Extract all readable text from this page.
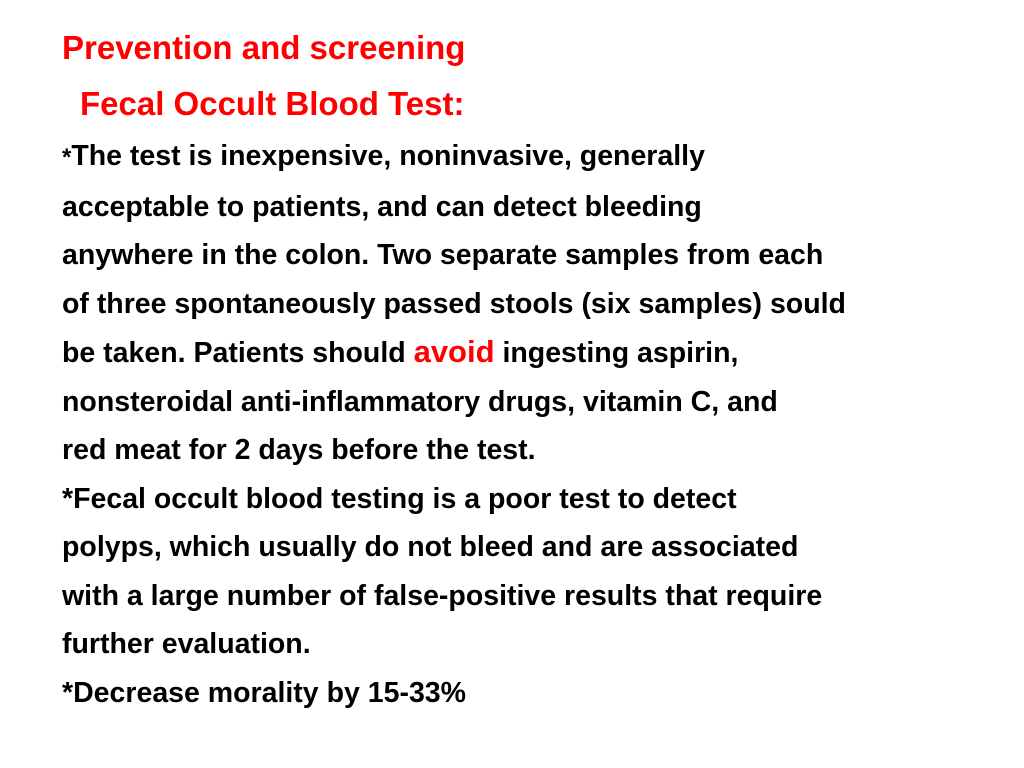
Prevention and screening
Fecal Occult Blood Test:
*The test is inexpensive, noninvasive, generally
acceptable to patients, and can detect bleeding
anywhere in the colon. Two separate samples from each
of three spontaneously passed stools (six samples) sould
be taken. Patients should avoid ingesting aspirin,
nonsteroidal anti-inflammatory drugs, vitamin C, and
red meat for 2 days before the test.
*Fecal occult blood testing is a poor test to detect
polyps, which usually do not bleed and are associated
with a large number of false-positive results that require
further evaluation.
*Decrease morality by 15-33%
